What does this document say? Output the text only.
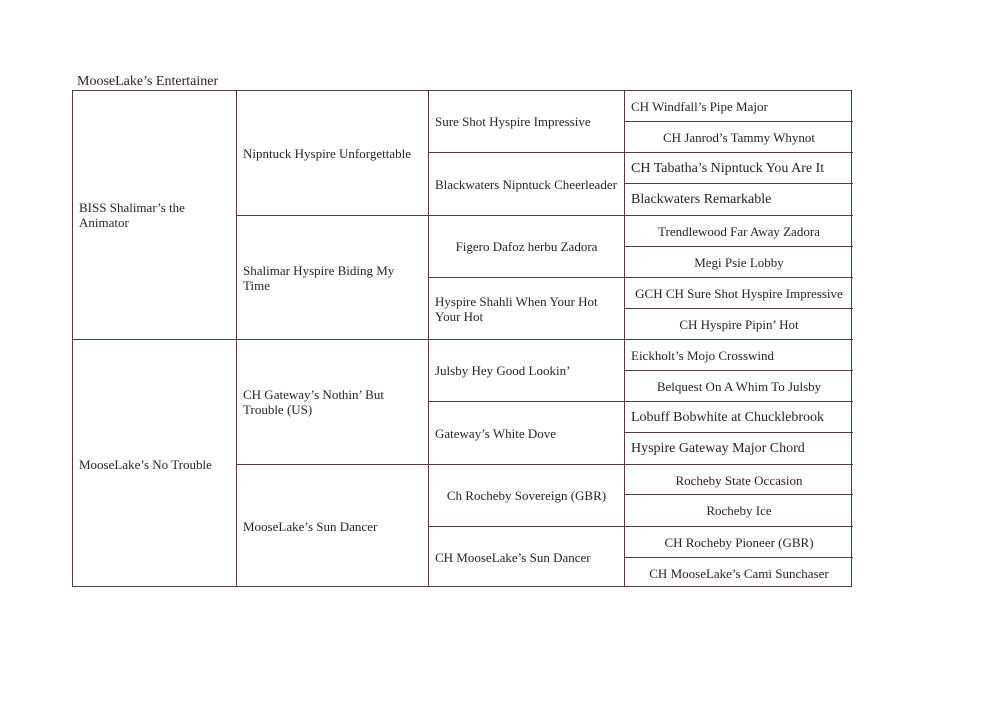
MooseLake’s Entertainer
BISS Shalimar’s the Animator
MooseLake’s No Trouble
Nipntuck Hyspire Unforgettable
Shalimar Hyspire Biding My Time
CH Gateway’s Nothin’ But Trouble (US)
MooseLake’s Sun Dancer
Sure Shot Hyspire Impressive
Blackwaters Nipntuck Cheerleader
Figero Dafoz herbu Zadora
Hyspire Shahli When Your Hot Your Hot
Julsby Hey Good Lookin’
Gateway’s White Dove
Ch Rocheby Sovereign (GBR)
CH MooseLake’s Sun Dancer
CH Windfall’s Pipe Major
CH Janrod’s Tammy Whynot
CH Tabatha’s Nipntuck You Are It
Blackwaters Remarkable
Trendlewood Far Away Zadora
Megi Psie Lobby
GCH CH Sure Shot Hyspire Impressive
CH Hyspire Pipin’ Hot
Eickholt’s Mojo Crosswind
Belquest On A Whim To Julsby
Lobuff Bobwhite at Chucklebrook
Hyspire Gateway Major Chord
Rocheby State Occasion
Rocheby Ice
CH Rocheby Pioneer (GBR)
CH MooseLake’s Cami Sunchaser
